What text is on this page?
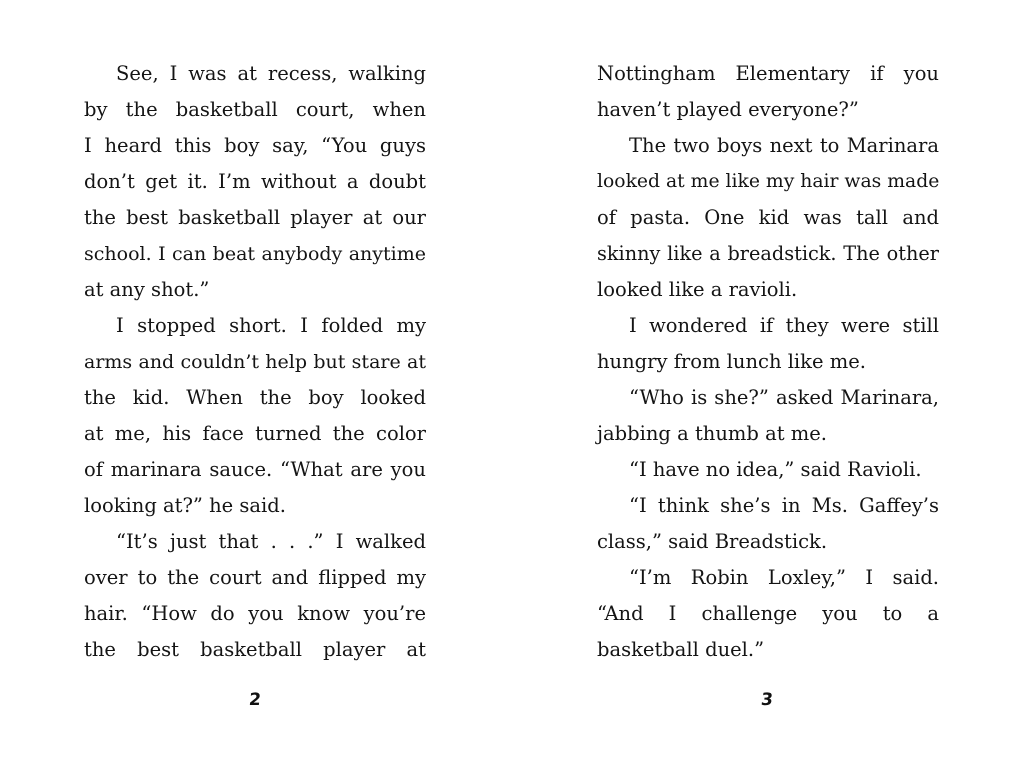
See, I was at recess, walking
by the basketball court, when
I heard this boy say, “You guys
don’t get it. I’m without a doubt
the best basketball player at our
school. I can beat anybody anytime
at any shot.”
I stopped short. I folded my
arms and couldn’t help but stare at
the kid. When the boy looked
at me, his face turned the color
of marinara sauce. “What are you
looking at?” he said.
“It’s just that . . .” I walked
over to the court and flipped my
hair. “How do you know you’re
the best basketball player at
Nottingham Elementary if you
haven’t played everyone?”
The two boys next to Marinara
looked at me like my hair was made
of pasta. One kid was tall and
skinny like a breadstick. The other
looked like a ravioli.
I wondered if they were still
hungry from lunch like me.
“Who is she?” asked Marinara,
jabbing a thumb at me.
“I have no idea,” said Ravioli.
“I think she’s in Ms. Gaffey’s
class,” said Breadstick.
“I’m Robin Loxley,” I said.
“And I challenge you to a
basketball duel.”
2	3
